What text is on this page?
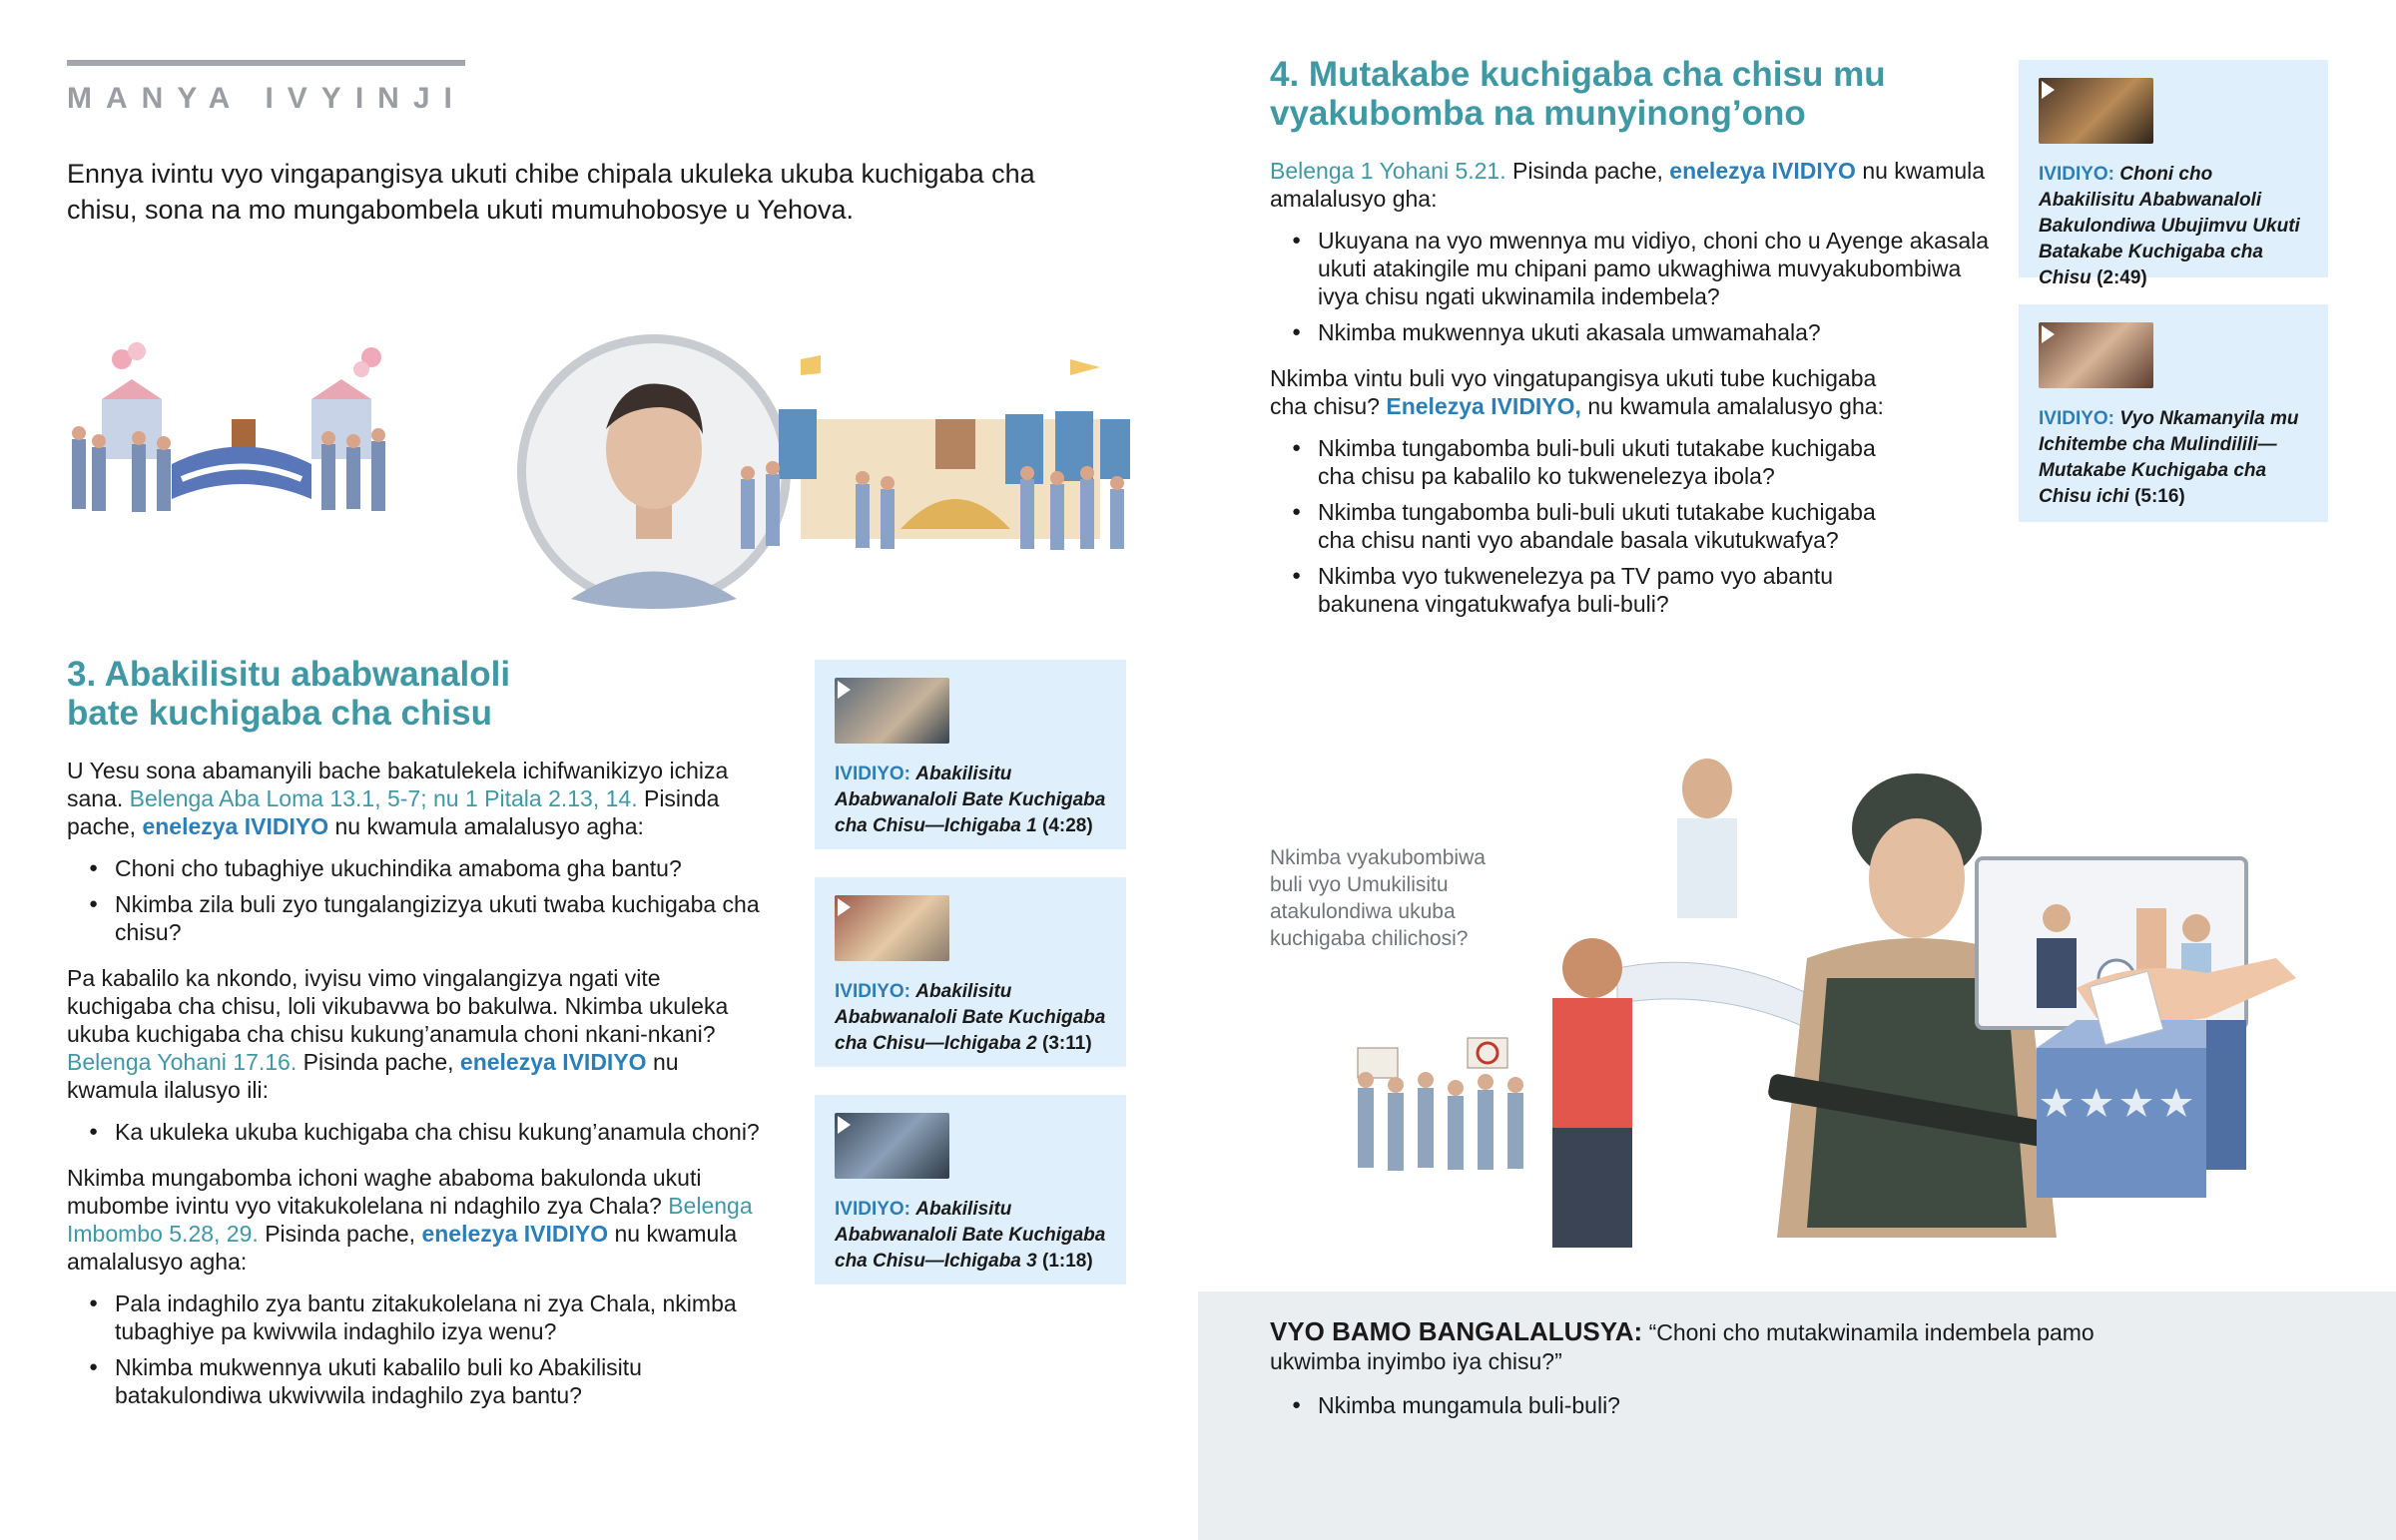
MANYA IVYINJI

Ennya ivintu vyo vingapangisya ukuti chibe chipala ukuleka ukuba kuchigaba cha chisu, sona na mo mungabombela ukuti mumuhobosye u Yehova.

3. Abakilisitu ababwanaloli
bate kuchigaba cha chisu

U Yesu sona abamanyili bache bakatulekela ichifwanikizyo ichiza sana. Belenga Aba Loma 13.1, 5-7; nu 1 Pitala 2.13, 14. Pisinda pache, enelezya IVIDIYO nu kwamula amalalusyo agha:

● Choni cho tubaghiye ukuchindika amaboma gha bantu?
● Nkimba zila buli zyo tungalangizizya ukuti twaba kuchigaba cha chisu?

Pa kabalilo ka nkondo, ivyisu vimo vingalangizya ngati vite kuchigaba cha chisu, loli vikubavwa bo bakulwa. Nkimba ukuleka ukuba kuchigaba cha chisu kukung’anamula choni nkani-nkani? Belenga Yohani 17.16. Pisinda pache, enelezya IVIDIYO nu kwamula ilalusyo ili:

● Ka ukuleka ukuba kuchigaba cha chisu kukung’anamula choni?

Nkimba mungabomba ichoni waghe ababoma bakulonda ukuti mubombe ivintu vyo vitakukolelana ni ndaghilo zya Chala? Belenga Imbombo 5.28, 29. Pisinda pache, enelezya IVIDIYO nu kwamula amalalusyo agha:

● Pala indaghilo zya bantu zitakukolelana ni zya Chala, nkimba tubaghiye pa kwivwila indaghilo izya wenu?
● Nkimba mukwennya ukuti kabalilo buli ko Abakilisitu batakulondiwa ukwivwila indaghilo zya bantu?
IVIDIYO: Abakilisitu Ababwanaloli Bate Kuchigaba cha Chisu—Ichigaba 1 (4:28)
IVIDIYO: Abakilisitu Ababwanaloli Bate Kuchigaba cha Chisu—Ichigaba 2 (3:11)
IVIDIYO: Abakilisitu Ababwanaloli Bate Kuchigaba cha Chisu—Ichigaba 3 (1:18)
4. Mutakabe kuchigaba cha chisu mu
vyakubomba na munyinong’ono

Belenga 1 Yohani 5.21. Pisinda pache, enelezya IVIDIYO nu kwamula amalalusyo gha:

● Ukuyana na vyo mwennya mu vidiyo, choni cho u Ayenge akasala ukuti atakingile mu chipani pamo ukwaghiwa muvyakubombiwa ivya chisu ngati ukwinamila indembela?
● Nkimba mukwennya ukuti akasala umwamahala?

Nkimba vintu buli vyo vingatupangisya ukuti tube kuchigaba cha chisu? Enelezya IVIDIYO, nu kwamula amalalusyo gha:

● Nkimba tungabomba buli-buli ukuti tutakabe kuchigaba cha chisu pa kabalilo ko tukwenelezya ibola?
● Nkimba tungabomba buli-buli ukuti tutakabe kuchigaba cha chisu nanti vyo abandale basala vikutukwafya?
● Nkimba vyo tukwenelezya pa TV pamo vyo abantu bakunena vingatukwafya buli-buli?
IVIDIYO: Choni cho Abakilisitu Ababwanaloli Bakulondiwa Ubujimvu Ukuti Batakabe Kuchigaba cha Chisu (2:49)
IVIDIYO: Vyo Nkamanyila mu Ichitembe cha Mulindilili—Mutakabe Kuchigaba cha Chisu ichi (5:16)
Nkimba vyakubombiwa buli vyo Umukilisitu atakulondiwa ukuba kuchigaba chilichosi?

VYO BAMO BANGALALUSYA: “Choni cho mutakwinamila indembela pamo ukwimba inyimbo iya chisu?”

● Nkimba mungamula buli-buli?
